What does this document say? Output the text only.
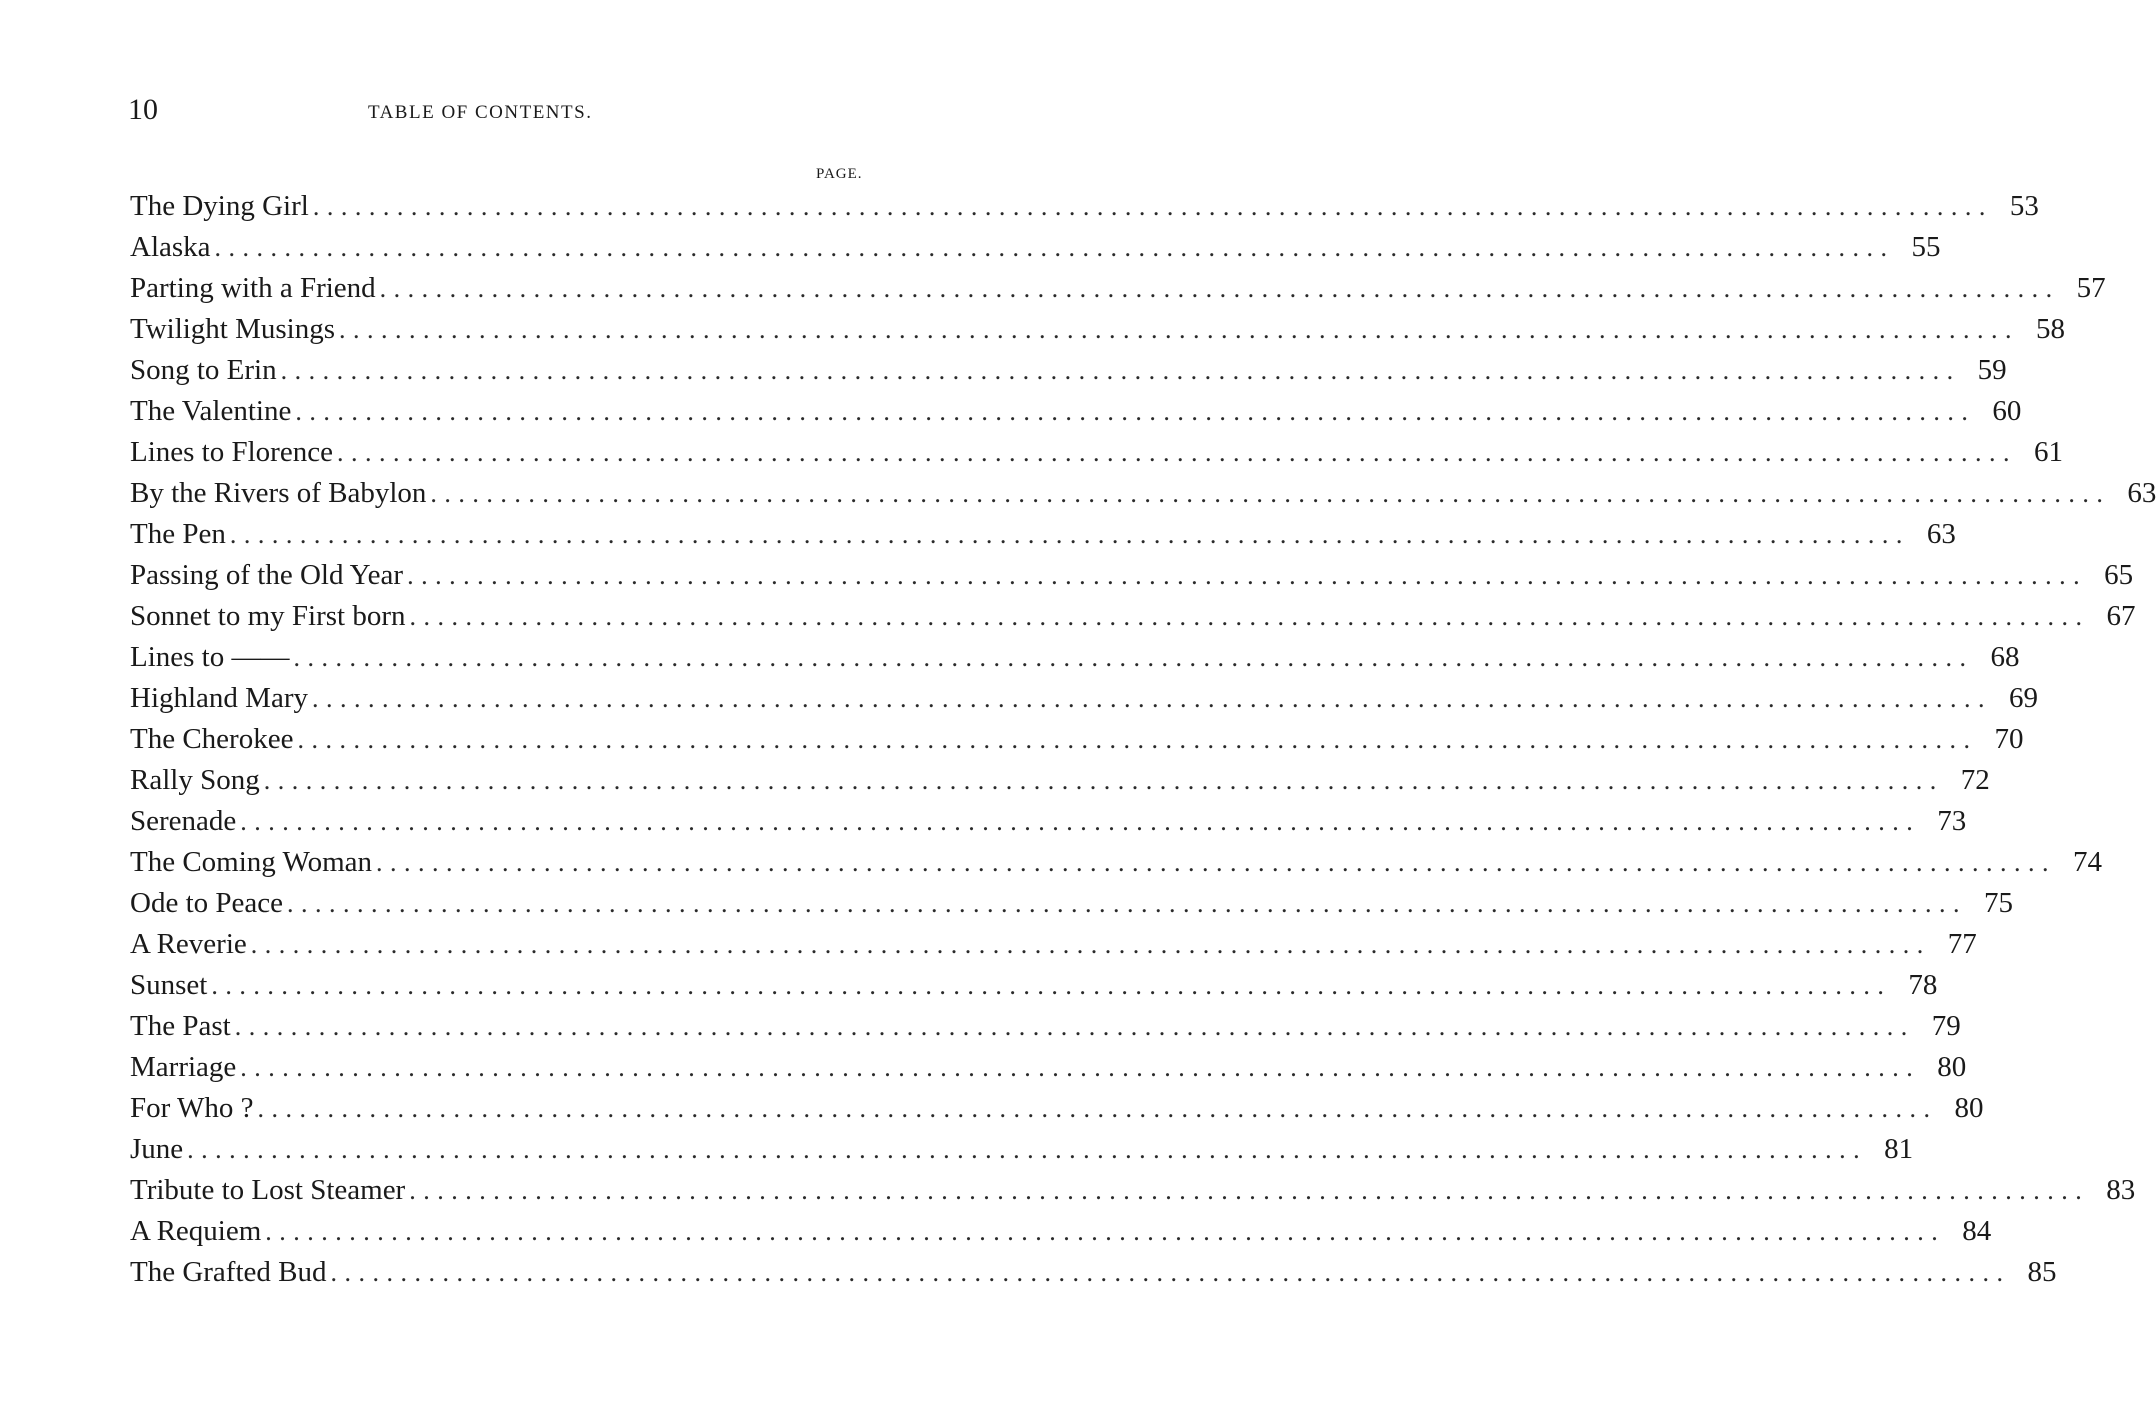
10	TABLE OF CONTENTS.
PAGE.
The Dying Girl ........................................................................................................................ 53
Alaska ........................................................................................................................ 55
Parting with a Friend ........................................................................................................................ 57
Twilight Musings ........................................................................................................................ 58
Song to Erin ........................................................................................................................ 59
The Valentine ........................................................................................................................ 60
Lines to Florence ........................................................................................................................ 61
By the Rivers of Babylon ........................................................................................................................ 63
The Pen ........................................................................................................................ 63
Passing of the Old Year ........................................................................................................................ 65
Sonnet to my First born ........................................................................................................................ 67
Lines to —— ........................................................................................................................ 68
Highland Mary ........................................................................................................................ 69
The Cherokee ........................................................................................................................ 70
Rally Song ........................................................................................................................ 72
Serenade ........................................................................................................................ 73
The Coming Woman ........................................................................................................................ 74
Ode to Peace ........................................................................................................................ 75
A Reverie ........................................................................................................................ 77
Sunset ........................................................................................................................ 78
The Past ........................................................................................................................ 79
Marriage ........................................................................................................................ 80
For Who ? ........................................................................................................................ 80
June ........................................................................................................................ 81
Tribute to Lost Steamer ........................................................................................................................ 83
A Requiem ........................................................................................................................ 84
The Grafted Bud ........................................................................................................................ 85
